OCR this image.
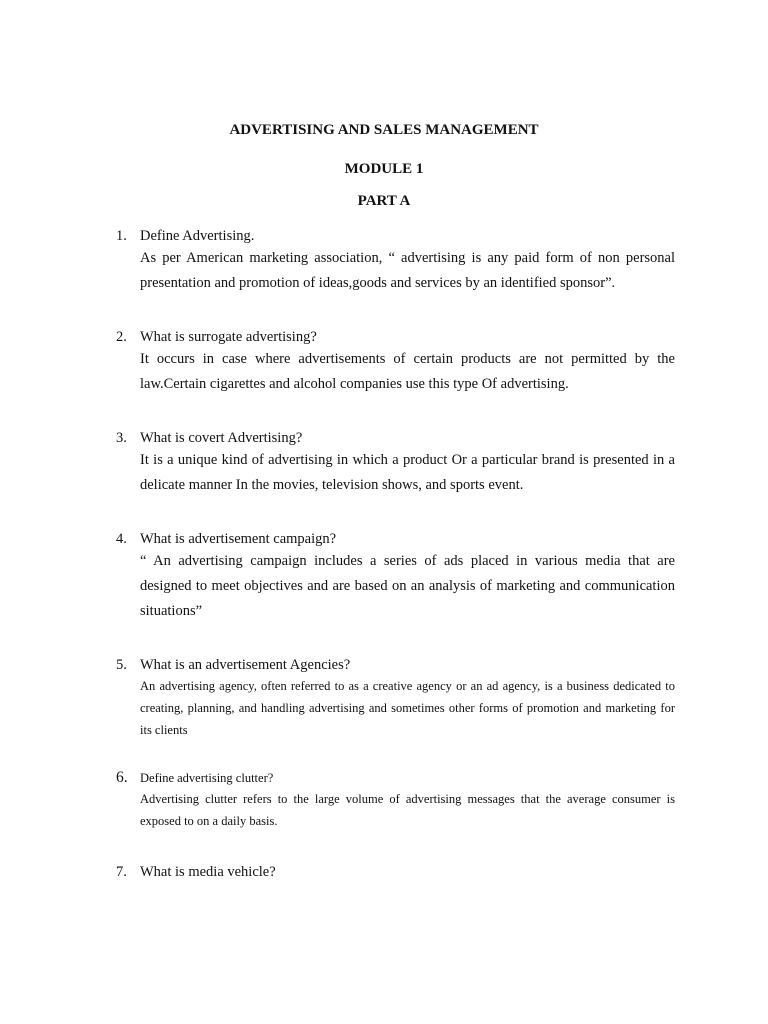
ADVERTISING AND SALES MANAGEMENT
MODULE 1
PART A
1. Define Advertising.
As per American marketing association, “ advertising is any paid form of non personal presentation and promotion of ideas,goods and services by an identified sponsor”.
2. What is surrogate advertising?
It occurs in case where advertisements of certain products are not permitted by the law.Certain cigarettes and alcohol companies use this type Of advertising.
3. What is covert Advertising?
It is a unique kind of advertising in which a product Or a particular brand is presented in a delicate manner In the movies, television shows, and sports event.
4. What is advertisement campaign?
“ An advertising campaign includes a series of ads placed in various media that are designed to meet objectives and are based on an analysis of marketing and communication situations”
5. What is an advertisement Agencies?
An advertising agency, often referred to as a creative agency or an ad agency, is a business dedicated to creating, planning, and handling advertising and sometimes other forms of promotion and marketing for its clients
6. Define advertising clutter?
Advertising clutter refers to the large volume of advertising messages that the average consumer is exposed to on a daily basis.
7. What is media vehicle?
